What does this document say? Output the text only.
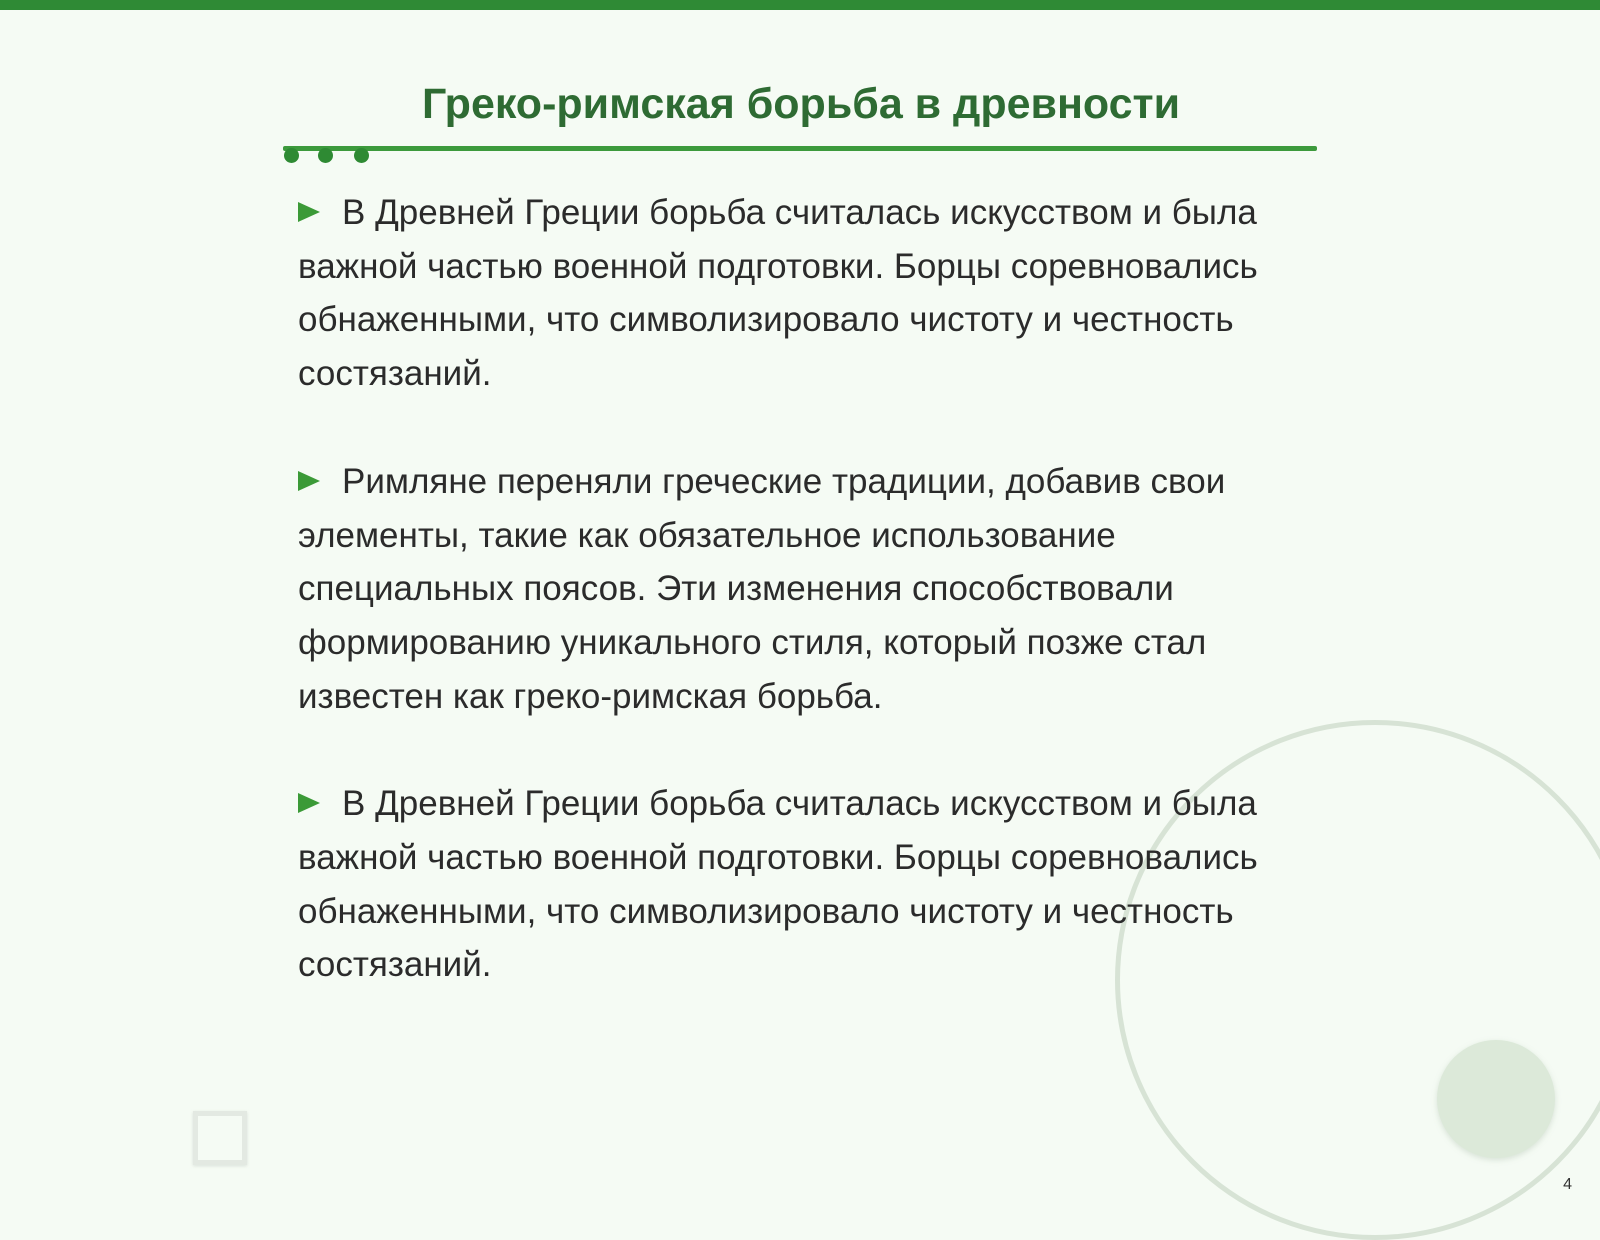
Греко-римская борьба в древности

В Древней Греции борьба считалась искусством и была важной частью военной подготовки. Борцы соревновались обнаженными, что символизировало чистоту и честность состязаний.

Римляне переняли греческие традиции, добавив свои элементы, такие как обязательное использование специальных поясов. Эти изменения способствовали формированию уникального стиля, который позже стал известен как греко-римская борьба.

В Древней Греции борьба считалась искусством и была важной частью военной подготовки. Борцы соревновались обнаженными, что символизировало чистоту и честность состязаний.

4
